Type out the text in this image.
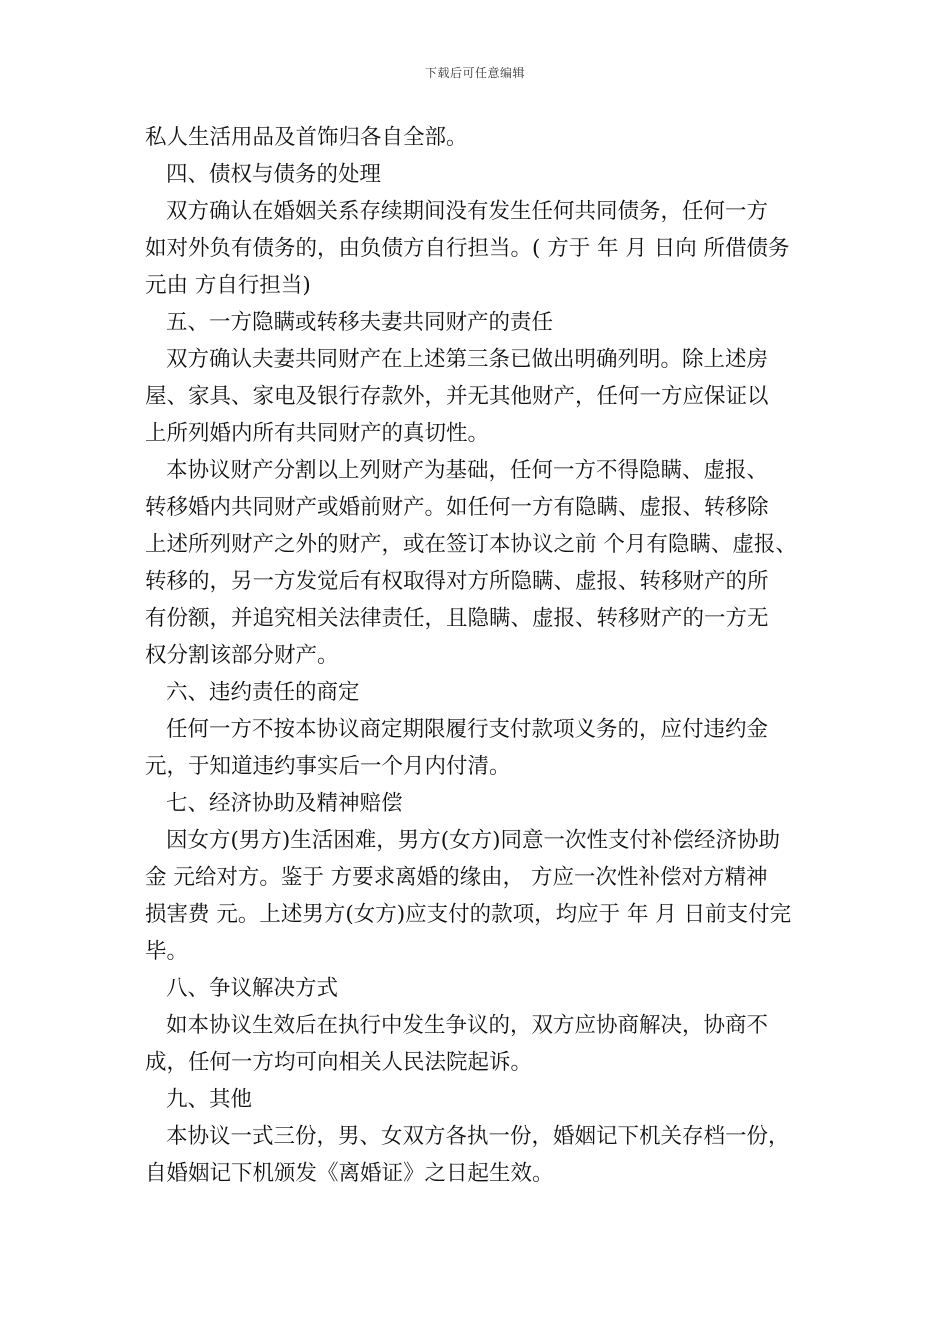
下载后可任意编辑
私人生活用品及首饰归各自全部。
四、债权与债务的处理
双方确认在婚姻关系存续期间没有发生任何共同债务，任何一方
如对外负有债务的，由负债方自行担当。( 方于 年 月 日向 所借债务
元由 方自行担当)
五、一方隐瞒或转移夫妻共同财产的责任
双方确认夫妻共同财产在上述第三条已做出明确列明。除上述房
屋、家具、家电及银行存款外，并无其他财产，任何一方应保证以
上所列婚内所有共同财产的真切性。
本协议财产分割以上列财产为基础，任何一方不得隐瞒、虚报、
转移婚内共同财产或婚前财产。如任何一方有隐瞒、虚报、转移除
上述所列财产之外的财产，或在签订本协议之前 个月有隐瞒、虚报、
转移的，另一方发觉后有权取得对方所隐瞒、虚报、转移财产的所
有份额，并追究相关法律责任，且隐瞒、虚报、转移财产的一方无
权分割该部分财产。
六、违约责任的商定
任何一方不按本协议商定期限履行支付款项义务的，应付违约金
元，于知道违约事实后一个月内付清。
七、经济协助及精神赔偿
因女方(男方)生活困难，男方(女方)同意一次性支付补偿经济协助
金 元给对方。鉴于 方要求离婚的缘由， 方应一次性补偿对方精神
损害费 元。上述男方(女方)应支付的款项，均应于 年 月 日前支付完
毕。
八、争议解决方式
如本协议生效后在执行中发生争议的，双方应协商解决，协商不
成，任何一方均可向相关人民法院起诉。
九、其他
本协议一式三份，男、女双方各执一份，婚姻记下机关存档一份，
自婚姻记下机颁发《离婚证》之日起生效。
